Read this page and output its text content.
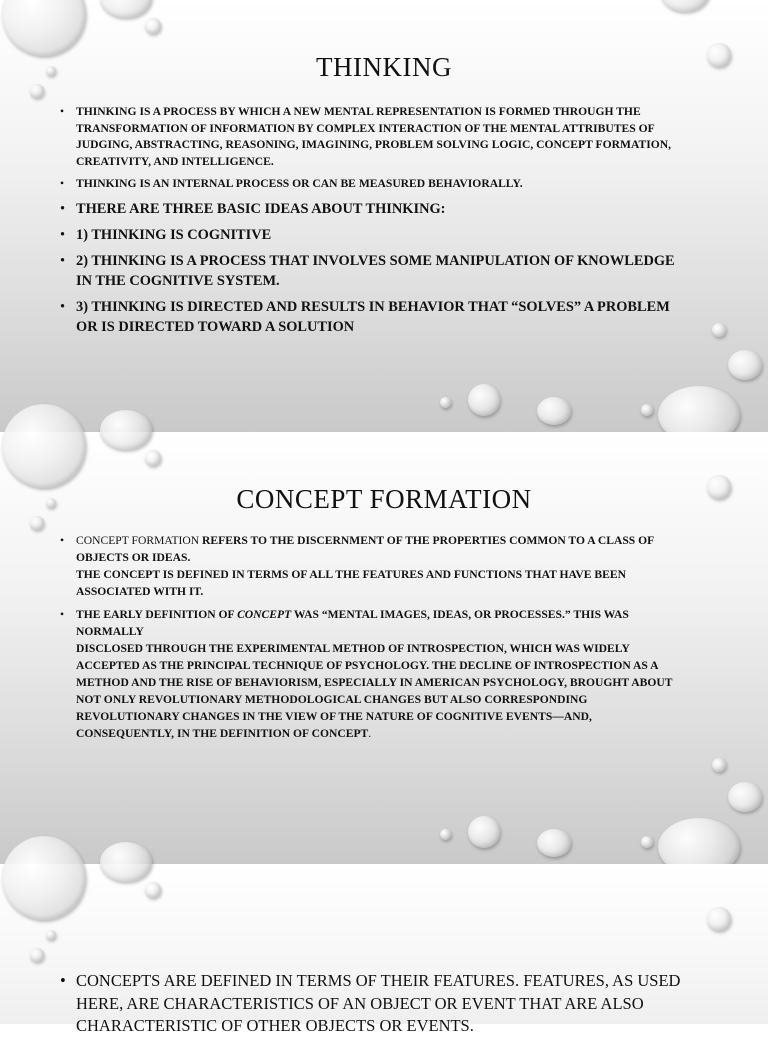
THINKING
• THINKING IS A PROCESS BY WHICH A NEW MENTAL REPRESENTATION IS FORMED THROUGH THE TRANSFORMATION OF INFORMATION BY COMPLEX INTERACTION OF THE MENTAL ATTRIBUTES OF JUDGING, ABSTRACTING, REASONING, IMAGINING, PROBLEM SOLVING LOGIC, CONCEPT FORMATION, CREATIVITY, AND INTELLIGENCE.
• THINKING IS AN INTERNAL PROCESS OR CAN BE MEASURED BEHAVIORALLY.
• THERE ARE THREE BASIC IDEAS ABOUT THINKING:
• 1) THINKING IS COGNITIVE
• 2) THINKING IS A PROCESS THAT INVOLVES SOME MANIPULATION OF KNOWLEDGE IN THE COGNITIVE SYSTEM.
• 3) THINKING IS DIRECTED AND RESULTS IN BEHAVIOR THAT “SOLVES” A PROBLEM OR IS DIRECTED TOWARD A SOLUTION
CONCEPT FORMATION
• CONCEPT FORMATION REFERS TO THE DISCERNMENT OF THE PROPERTIES COMMON TO A CLASS OF OBJECTS OR IDEAS.
THE CONCEPT IS DEFINED IN TERMS OF ALL THE FEATURES AND FUNCTIONS THAT HAVE BEEN ASSOCIATED WITH IT.
• THE EARLY DEFINITION OF CONCEPT WAS “MENTAL IMAGES, IDEAS, OR PROCESSES.” THIS WAS NORMALLY
DISCLOSED THROUGH THE EXPERIMENTAL METHOD OF INTROSPECTION, WHICH WAS WIDELY ACCEPTED AS THE PRINCIPAL TECHNIQUE OF PSYCHOLOGY. THE DECLINE OF INTROSPECTION AS A
METHOD AND THE RISE OF BEHAVIORISM, ESPECIALLY IN AMERICAN PSYCHOLOGY, BROUGHT ABOUT NOT ONLY REVOLUTIONARY METHODOLOGICAL CHANGES BUT ALSO CORRESPONDING REVOLUTIONARY CHANGES IN THE VIEW OF THE NATURE OF COGNITIVE EVENTS—AND, CONSEQUENTLY, IN THE DEFINITION OF CONCEPT.
• CONCEPTS ARE DEFINED IN TERMS OF THEIR FEATURES. FEATURES, AS USED HERE, ARE CHARACTERISTICS OF AN OBJECT OR EVENT THAT ARE ALSO CHARACTERISTIC OF OTHER OBJECTS OR EVENTS.
